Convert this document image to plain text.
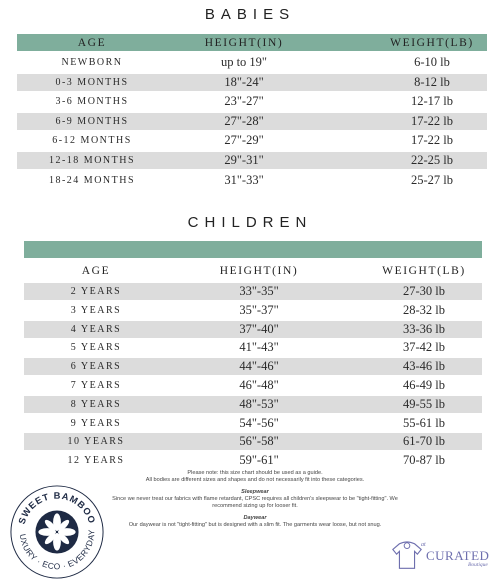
BABIES
AGE	HEIGHT(IN)	WEIGHT(LB)
NEWBORN	up to 19"	6-10 lb
0-3 MONTHS	18"-24"	8-12 lb
3-6 MONTHS	23"-27"	12-17 lb
6-9 MONTHS	27"-28"	17-22 lb
6-12 MONTHS	27"-29"	17-22 lb
12-18 MONTHS	29"-31"	22-25 lb
18-24 MONTHS	31"-33"	25-27 lb
CHILDREN
AGE	HEIGHT(IN)	WEIGHT(LB)
2 YEARS	33"-35"	27-30 lb
3 YEARS	35"-37"	28-32 lb
4 YEARS	37"-40"	33-36 lb
5 YEARS	41"-43"	37-42 lb
6 YEARS	44"-46"	43-46 lb
7 YEARS	46"-48"	46-49 lb
8 YEARS	48"-53"	49-55 lb
9 YEARS	54"-56"	55-61 lb
10 YEARS	56"-58"	61-70 lb
12 YEARS	59"-61"	70-87 lb
Please note: this size chart should be used as a guide.
All bodies are different sizes and shapes and do not necessarily fit into these categories.
Sleepwear
Since we never treat our fabrics with flame retardant, CPSC requires all children's sleepwear to be "tight-fitting". We recommend sizing up for looser fit.
Daywear
Our daywear is not "tight-fitting" but is designed with a slim fit. The garments wear loose, but not snug.
SWEET BAMBOO
UXURY · ECO · EVERYDAY
at
CURATED
Boutique
